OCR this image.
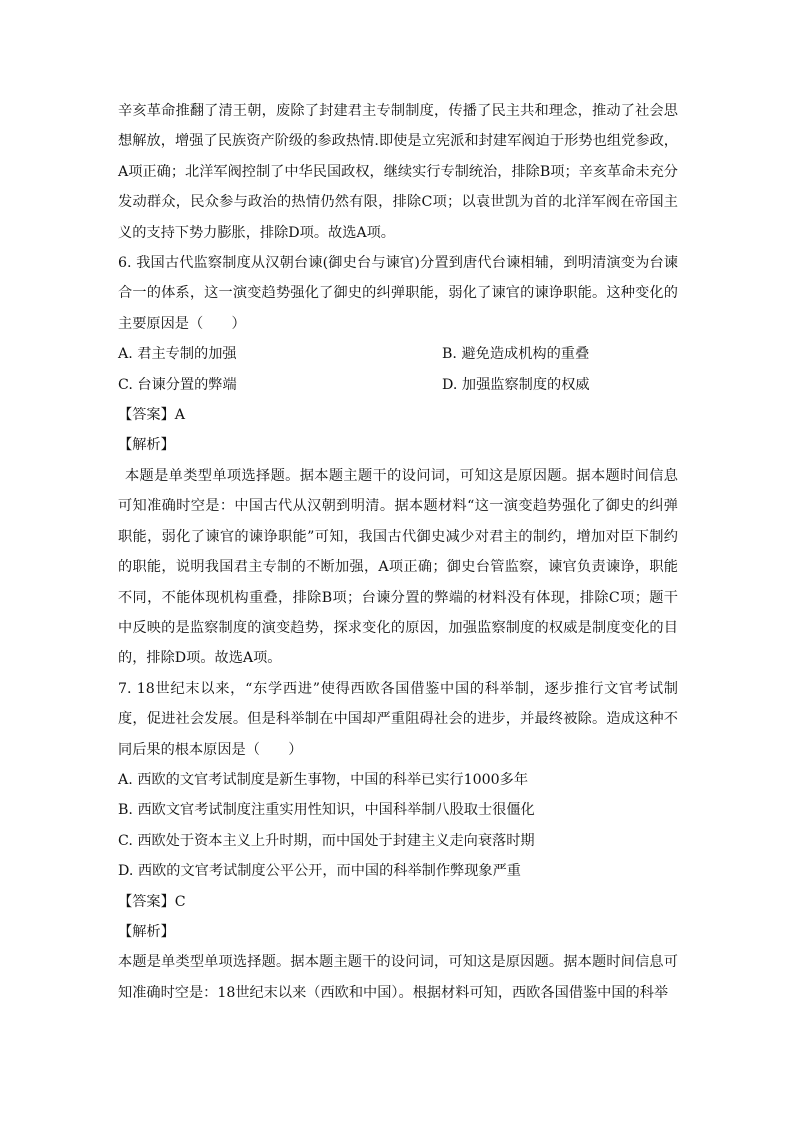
辛亥革命推翻了清王朝，废除了封建君主专制制度，传播了民主共和理念，推动了社会思想解放，增强了民族资产阶级的参政热情.即使是立宪派和封建军阀迫于形势也组党参政，A项正确；北洋军阀控制了中华民国政权，继续实行专制统治，排除B项；辛亥革命未充分发动群众，民众参与政治的热情仍然有限，排除C项；以袁世凯为首的北洋军阀在帝国主义的支持下势力膨胀，排除D项。故选A项。

6. 我国古代监察制度从汉朝台谏(御史台与谏官)分置到唐代台谏相辅，到明清演变为台谏合一的体系，这一演变趋势强化了御史的纠弹职能，弱化了谏官的谏诤职能。这种变化的主要原因是（　　）

A. 君主专制的加强	B. 避免造成机构的重叠
C. 台谏分置的弊端	D. 加强监察制度的权威
【答案】A
【解析】

本题是单类型单项选择题。据本题主题干的设问词，可知这是原因题。据本题时间信息可知准确时空是：中国古代从汉朝到明清。据本题材料“这一演变趋势强化了御史的纠弹职能，弱化了谏官的谏诤职能”可知，我国古代御史减少对君主的制约，增加对臣下制约的职能，说明我国君主专制的不断加强，A项正确；御史台管监察，谏官负责谏诤，职能不同，不能体现机构重叠，排除B项；台谏分置的弊端的材料没有体现，排除C项；题干中反映的是监察制度的演变趋势，探求变化的原因，加强监察制度的权威是制度变化的目的，排除D项。故选A项。

7. 18世纪末以来，“东学西进”使得西欧各国借鉴中国的科举制，逐步推行文官考试制度，促进社会发展。但是科举制在中国却严重阻碍社会的进步，并最终被除。造成这种不同后果的根本原因是（　　）

A. 西欧的文官考试制度是新生事物，中国的科举已实行1000多年
B. 西欧文官考试制度注重实用性知识，中国科举制八股取士很僵化
C. 西欧处于资本主义上升时期，而中国处于封建主义走向衰落时期
D. 西欧的文官考试制度公平公开，而中国的科举制作弊现象严重
【答案】C
【解析】

本题是单类型单项选择题。据本题主题干的设问词，可知这是原因题。据本题时间信息可知准确时空是：18世纪末以来（西欧和中国）。根据材料可知，西欧各国借鉴中国的科举
